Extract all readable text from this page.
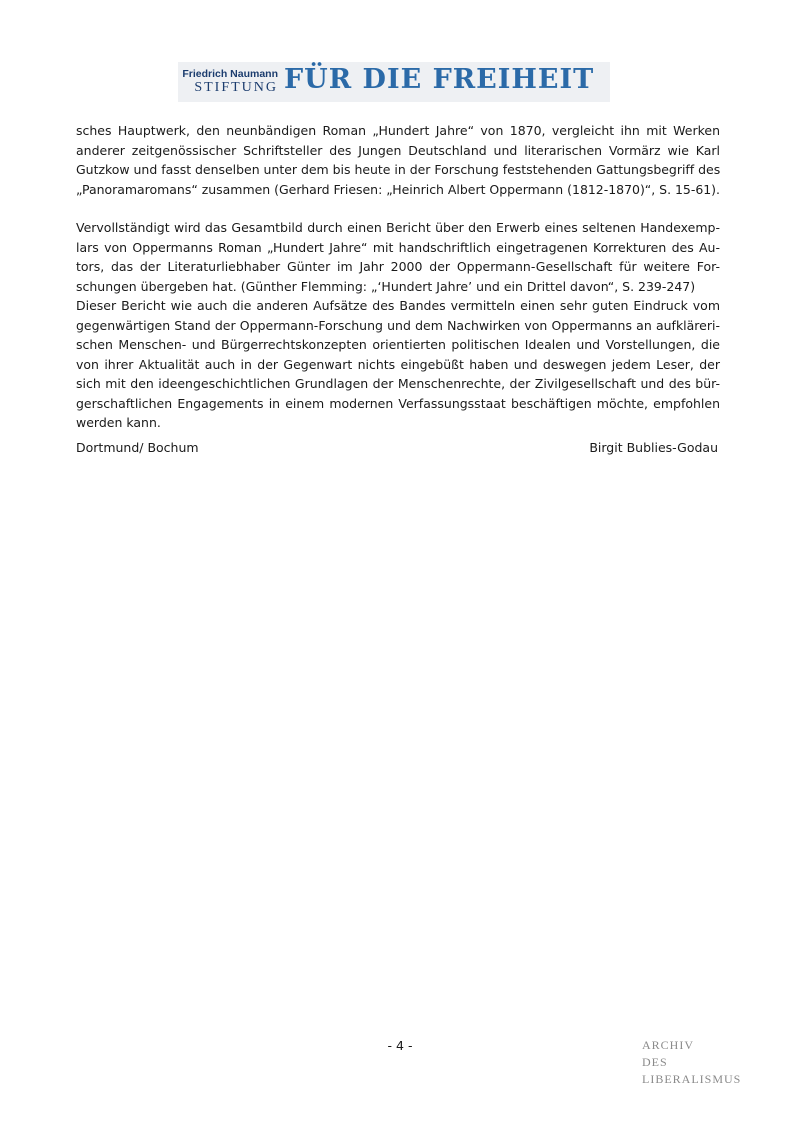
Friedrich Naumann
STIFTUNG FÜR DIE FREIHEIT

sches Hauptwerk, den neunbändigen Roman „Hundert Jahre“ von 1870, vergleicht ihn mit Werken
anderer zeitgenössischer Schriftsteller des Jungen Deutschland und literarischen Vormärz wie Karl
Gutzkow und fasst denselben unter dem bis heute in der Forschung feststehenden Gattungsbegriff des
„Panoramaromans“ zusammen (Gerhard Friesen: „Heinrich Albert Oppermann (1812-1870)“, S. 15-61).

Vervollständigt wird das Gesamtbild durch einen Bericht über den Erwerb eines seltenen Handexemp-
lars von Oppermanns Roman „Hundert Jahre“ mit handschriftlich eingetragenen Korrekturen des Au-
tors, das der Literaturliebhaber Günter im Jahr 2000 der Oppermann-Gesellschaft für weitere For-
schungen übergeben hat. (Günther Flemming: „‘Hundert Jahre’ und ein Drittel davon“, S. 239-247)
Dieser Bericht wie auch die anderen Aufsätze des Bandes vermitteln einen sehr guten Eindruck vom
gegenwärtigen Stand der Oppermann-Forschung und dem Nachwirken von Oppermanns an aufkläreri-
schen Menschen- und Bürgerrechtskonzepten orientierten politischen Idealen und Vorstellungen, die
von ihrer Aktualität auch in der Gegenwart nichts eingebüßt haben und deswegen jedem Leser, der
sich mit den ideengeschichtlichen Grundlagen der Menschenrechte, der Zivilgesellschaft und des bür-
gerschaftlichen Engagements in einem modernen Verfassungsstaat beschäftigen möchte, empfohlen
werden kann.

Dortmund/ Bochum	Birgit Bublies-Godau
- 4 -	ARCHIV
DES
LIBERALISMUS
